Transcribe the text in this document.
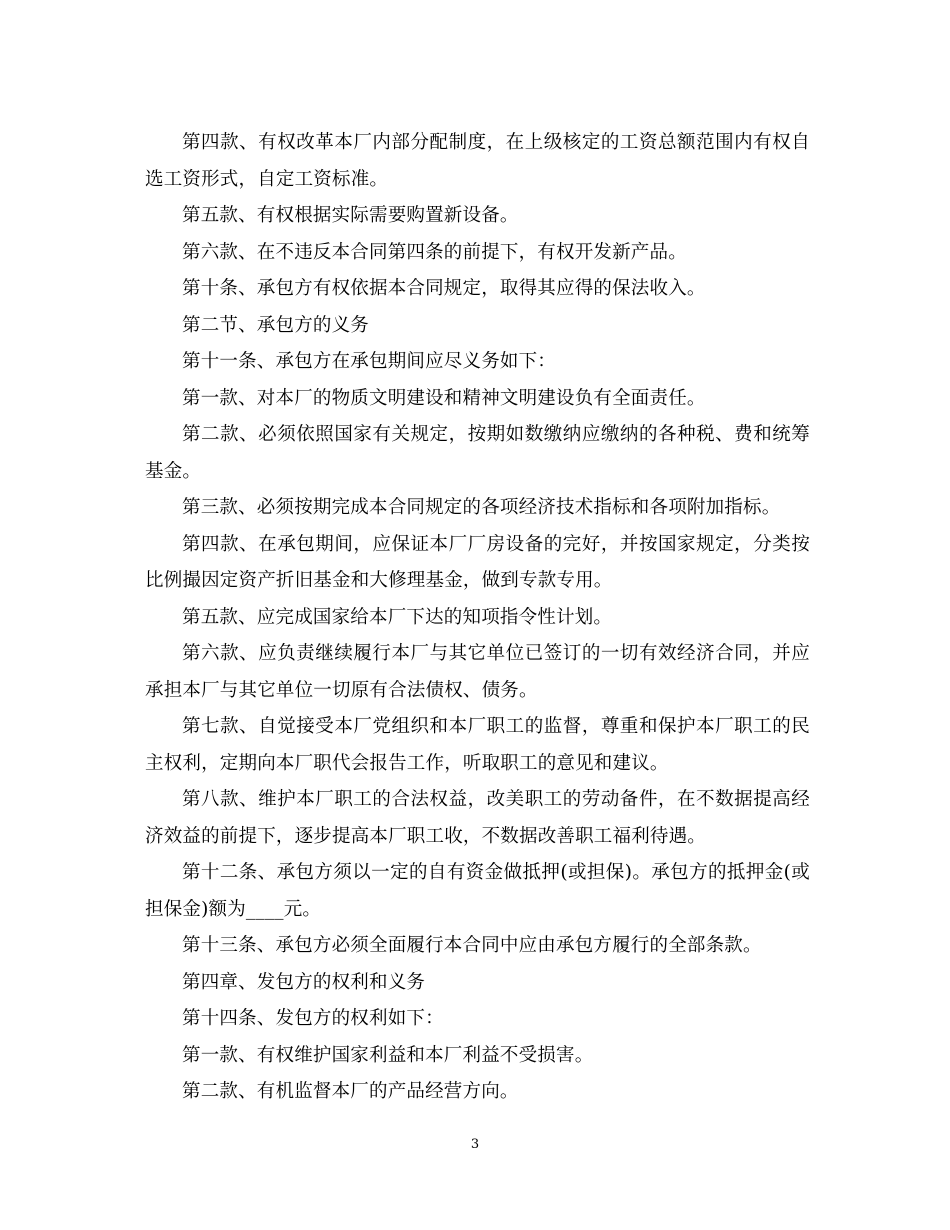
第四款、有权改革本厂内部分配制度，在上级核定的工资总额范围内有权自选工资形式，自定工资标准。

第五款、有权根据实际需要购置新设备。

第六款、在不违反本合同第四条的前提下，有权开发新产品。

第十条、承包方有权依据本合同规定，取得其应得的保法收入。

第二节、承包方的义务

第十一条、承包方在承包期间应尽义务如下：

第一款、对本厂的物质文明建设和精神文明建设负有全面责任。

第二款、必须依照国家有关规定，按期如数缴纳应缴纳的各种税、费和统筹基金。

第三款、必须按期完成本合同规定的各项经济技术指标和各项附加指标。

第四款、在承包期间，应保证本厂厂房设备的完好，并按国家规定，分类按比例撮因定资产折旧基金和大修理基金，做到专款专用。

第五款、应完成国家给本厂下达的知项指令性计划。

第六款、应负责继续履行本厂与其它单位已签订的一切有效经济合同，并应承担本厂与其它单位一切原有合法债权、债务。

第七款、自觉接受本厂党组织和本厂职工的监督，尊重和保护本厂职工的民主权利，定期向本厂职代会报告工作，听取职工的意见和建议。

第八款、维护本厂职工的合法权益，改美职工的劳动备件，在不数据提高经济效益的前提下，逐步提高本厂职工收，不数据改善职工福利待遇。

第十二条、承包方须以一定的自有资金做抵押(或担保)。承包方的抵押金(或担保金)额为____元。

第十三条、承包方必须全面履行本合同中应由承包方履行的全部条款。

第四章、发包方的权利和义务

第十四条、发包方的权利如下：

第一款、有权维护国家利益和本厂利益不受损害。

第二款、有机监督本厂的产品经营方向。

3
